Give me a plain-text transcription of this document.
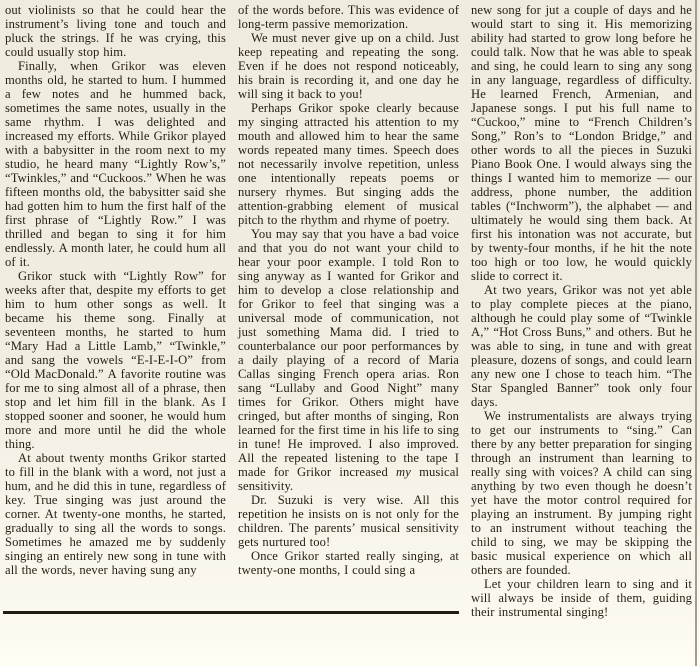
out violinists so that he could hear the instrument’s living tone and touch and pluck the strings. If he was crying, this could usually stop him.

Finally, when Grikor was eleven months old, he started to hum. I hummed a few notes and he hummed back, sometimes the same notes, usually in the same rhythm. I was delighted and increased my efforts. While Grikor played with a babysitter in the room next to my studio, he heard many “Lightly Row’s,” “Twinkles,” and “Cuckoos.” When he was fifteen months old, the babysitter said she had gotten him to hum the first half of the first phrase of “Lightly Row.” I was thrilled and began to sing it for him endlessly. A month later, he could hum all of it.

Grikor stuck with “Lightly Row” for weeks after that, despite my efforts to get him to hum other songs as well. It became his theme song. Finally at seventeen months, he started to hum “Mary Had a Little Lamb,” “Twinkle,” and sang the vowels “E-I-E-I-O” from “Old MacDonald.” A favorite routine was for me to sing almost all of a phrase, then stop and let him fill in the blank. As I stopped sooner and sooner, he would hum more and more until he did the whole thing.

At about twenty months Grikor started to fill in the blank with a word, not just a hum, and he did this in tune, regardless of key. True singing was just around the corner. At twenty-one months, he started, gradually to sing all the words to songs. Sometimes he amazed me by suddenly singing an entirely new song in tune with all the words, never having sung any

of the words before. This was evidence of long-term passive memorization.

We must never give up on a child. Just keep repeating and repeating the song. Even if he does not respond noticeably, his brain is recording it, and one day he will sing it back to you!

Perhaps Grikor spoke clearly because my singing attracted his attention to my mouth and allowed him to hear the same words repeated many times. Speech does not necessarily involve repetition, unless one intentionally repeats poems or nursery rhymes. But singing adds the attention-grabbing element of musical pitch to the rhythm and rhyme of poetry.

You may say that you have a bad voice and that you do not want your child to hear your poor example. I told Ron to sing anyway as I wanted for Grikor and him to develop a close relationship and for Grikor to feel that singing was a universal mode of communication, not just something Mama did. I tried to counterbalance our poor performances by a daily playing of a record of Maria Callas singing French opera arias. Ron sang “Lullaby and Good Night” many times for Grikor. Others might have cringed, but after months of singing, Ron learned for the first time in his life to sing in tune! He improved. I also improved. All the repeated listening to the tape I made for Grikor increased my musical sensitivity.

Dr. Suzuki is very wise. All this repetition he insists on is not only for the children. The parents’ musical sensitivity gets nurtured too!

Once Grikor started really singing, at twenty-one months, I could sing a

new song for jut a couple of days and he would start to sing it. His memorizing ability had started to grow long before he could talk. Now that he was able to speak and sing, he could learn to sing any song in any language, regardless of difficulty. He learned French, Armenian, and Japanese songs. I put his full name to “Cuckoo,” mine to “French Children’s Song,” Ron’s to “London Bridge,” and other words to all the pieces in Suzuki Piano Book One. I would always sing the things I wanted him to memorize — our address, phone number, the addition tables (“Inchworm”), the alphabet — and ultimately he would sing them back. At first his intonation was not accurate, but by twenty-four months, if he hit the note too high or too low, he would quickly slide to correct it.

At two years, Grikor was not yet able to play complete pieces at the piano, although he could play some of “Twinkle A,” “Hot Cross Buns,” and others. But he was able to sing, in tune and with great pleasure, dozens of songs, and could learn any new one I chose to teach him. “The Star Spangled Banner” took only four days.

We instrumentalists are always trying to get our instruments to “sing.” Can there by any better preparation for singing through an instrument than learning to really sing with voices? A child can sing anything by two even though he doesn’t yet have the motor control required for playing an instrument. By jumping right to an instrument without teaching the child to sing, we may be skipping the basic musical experience on which all others are founded.

Let your children learn to sing and it will always be inside of them, guiding their instrumental singing!
